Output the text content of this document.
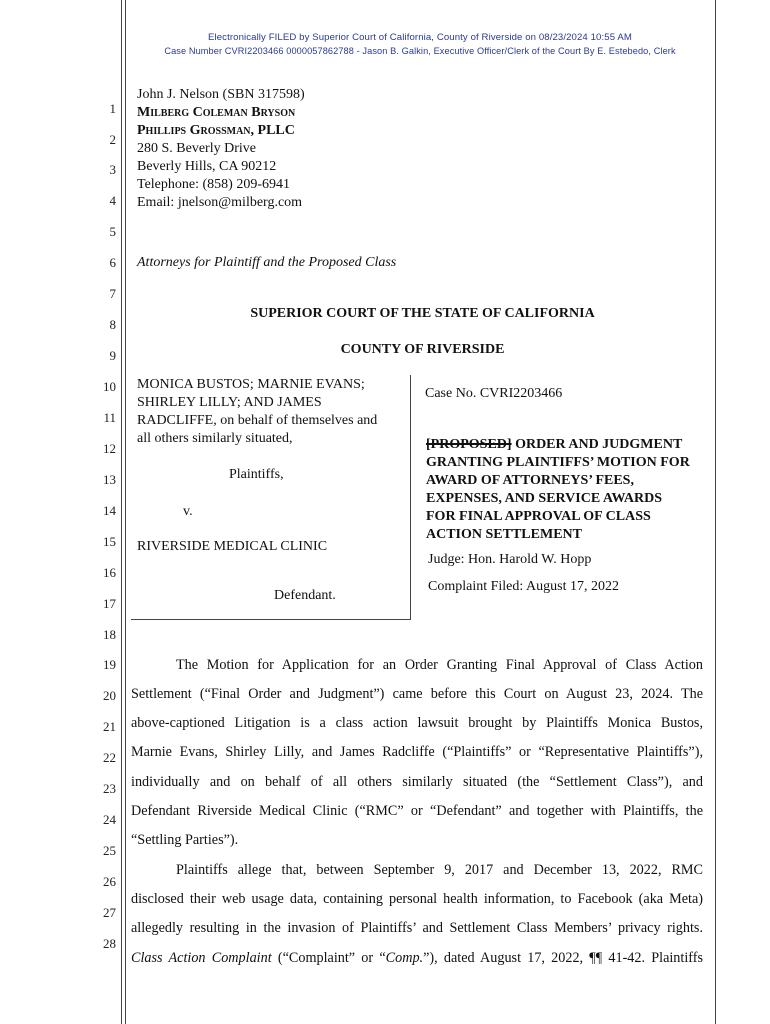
Electronically FILED by Superior Court of California, County of Riverside on 08/23/2024 10:55 AM
Case Number CVRI2203466 0000057862788 - Jason B. Galkin, Executive Officer/Clerk of the Court By E. Estebedo, Clerk
1
2
3
4
5
6
7
8
9
10
11
12
13
14
15
16
17
18
19
20
21
22
23
24
25
26
27
28
John J. Nelson (SBN 317598)
Milberg Coleman Bryson
Phillips Grossman, PLLC
280 S. Beverly Drive
Beverly Hills, CA 90212
Telephone: (858) 209-6941
Email: jnelson@milberg.com
Attorneys for Plaintiff and the Proposed Class
SUPERIOR COURT OF THE STATE OF CALIFORNIA
COUNTY OF RIVERSIDE
MONICA BUSTOS; MARNIE EVANS;
SHIRLEY LILLY; AND JAMES
RADCLIFFE, on behalf of themselves and
all others similarly situated,
Plaintiffs,
v.
RIVERSIDE MEDICAL CLINIC
Defendant.
Case No. CVRI2203466
[PROPOSED] ORDER AND JUDGMENT
GRANTING PLAINTIFFS’ MOTION FOR
AWARD OF ATTORNEYS’ FEES,
EXPENSES, AND SERVICE AWARDS
FOR FINAL APPROVAL OF CLASS
ACTION SETTLEMENT
Judge: Hon. Harold W. Hopp
Complaint Filed: August 17, 2022
The Motion for Application for an Order Granting Final Approval of Class Action
Settlement (“Final Order and Judgment”) came before this Court on August 23, 2024. The
above-captioned Litigation is a class action lawsuit brought by Plaintiffs Monica Bustos,
Marnie Evans, Shirley Lilly, and James Radcliffe (“Plaintiffs” or “Representative Plaintiffs”),
individually and on behalf of all others similarly situated (the “Settlement Class”), and
Defendant Riverside Medical Clinic (“RMC” or “Defendant” and together with Plaintiffs, the
“Settling Parties”).
Plaintiffs allege that, between September 9, 2017 and December 13, 2022, RMC
disclosed their web usage data, containing personal health information, to Facebook (aka Meta)
allegedly resulting in the invasion of Plaintiffs’ and Settlement Class Members’ privacy rights.
Class Action Complaint (“Complaint” or “Comp.”), dated August 17, 2022, ¶¶ 41-42. Plaintiffs
